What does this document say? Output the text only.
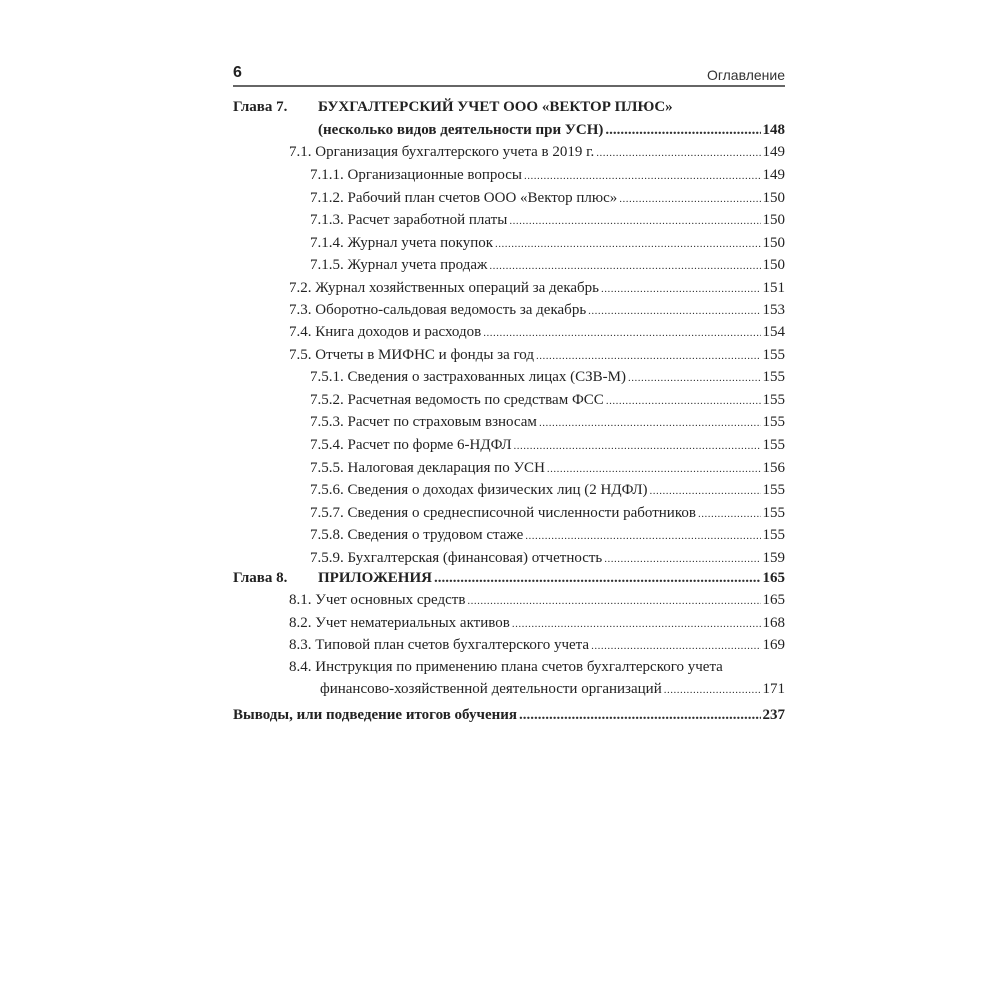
6	Оглавление
Глава 7. БУХГАЛТЕРСКИЙ УЧЕТ ООО «ВЕКТОР ПЛЮС»
(несколько видов деятельности при УСН) .....	148
7.1. Организация бухгалтерского учета в 2019 г. .....	149
7.1.1. Организационные вопросы .....	149
7.1.2. Рабочий план счетов ООО «Вектор плюс» .....	150
7.1.3. Расчет заработной платы .....	150
7.1.4. Журнал учета покупок .....	150
7.1.5. Журнал учета продаж .....	150
7.2. Журнал хозяйственных операций за декабрь .....	151
7.3. Оборотно-сальдовая ведомость за декабрь .....	153
7.4. Книга доходов и расходов .....	154
7.5. Отчеты в МИФНС и фонды за год .....	155
7.5.1. Сведения о застрахованных лицах (СЗВ-М) .....	155
7.5.2. Расчетная ведомость по средствам ФСС .....	155
7.5.3. Расчет по страховым взносам .....	155
7.5.4. Расчет по форме 6-НДФЛ .....	155
7.5.5. Налоговая декларация по УСН .....	156
7.5.6. Сведения о доходах физических лиц (2 НДФЛ) .....	155
7.5.7. Сведения о среднесписочной численности работников .....	155
7.5.8. Сведения о трудовом стаже .....	155
7.5.9. Бухгалтерская (финансовая) отчетность .....	159
Глава 8. ПРИЛОЖЕНИЯ .....	165
8.1. Учет основных средств .....	165
8.2. Учет нематериальных активов .....	168
8.3. Типовой план счетов бухгалтерского учета .....	169
8.4. Инструкция по применению плана счетов бухгалтерского учета
финансово-хозяйственной деятельности организаций .....	171
Выводы, или подведение итогов обучения .....	237
